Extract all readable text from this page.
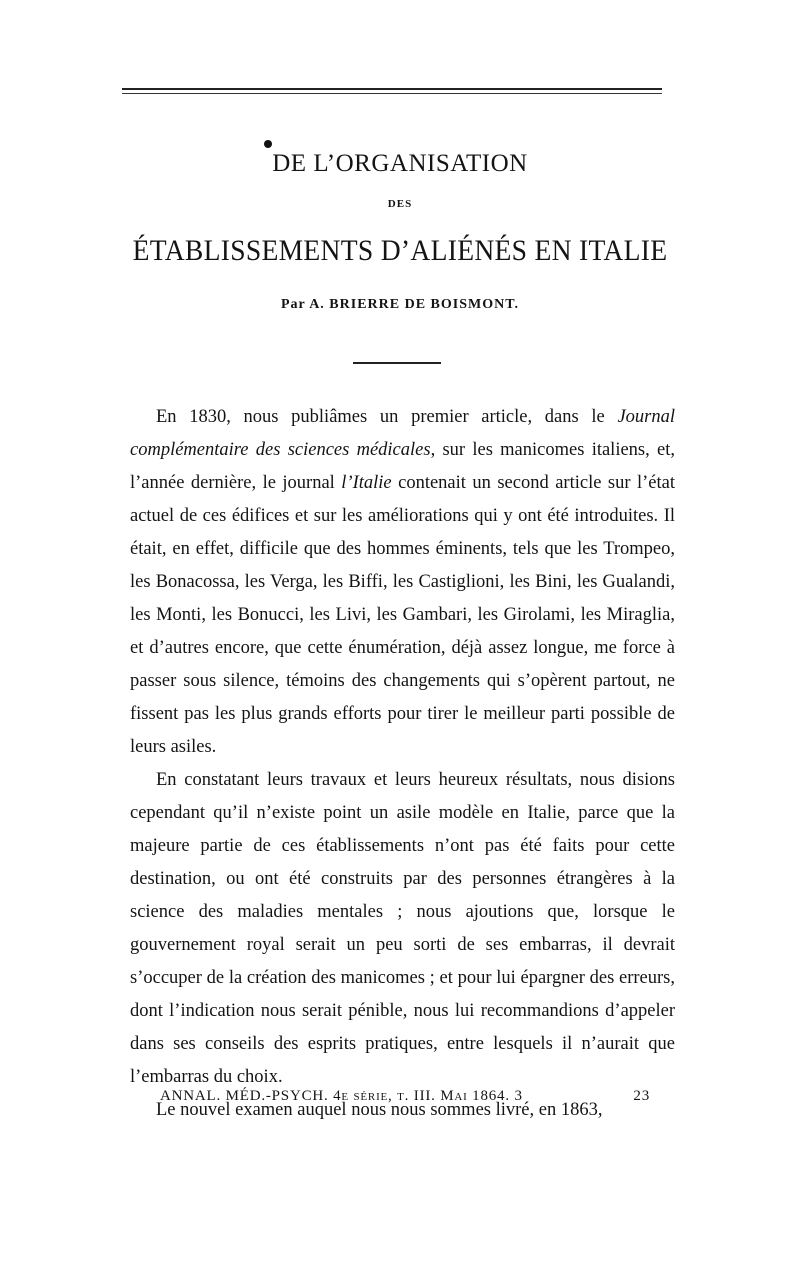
DE L’ORGANISATION
DES
ÉTABLISSEMENTS D’ALIÉNÉS EN ITALIE
Par A. BRIERRE DE BOISMONT.

En 1830, nous publiâmes un premier article, dans le Journal complémentaire des sciences médicales, sur les manicomes italiens, et, l’année dernière, le journal l’Italie contenait un second article sur l’état actuel de ces édifices et sur les améliorations qui y ont été introduites. Il était, en effet, difficile que des hommes éminents, tels que les Trompeo, les Bonacossa, les Verga, les Biffi, les Castiglioni, les Bini, les Gualandi, les Monti, les Bonucci, les Livi, les Gambari, les Girolami, les Miraglia, et d’autres encore, que cette énumération, déjà assez longue, me force à passer sous silence, témoins des changements qui s’opèrent partout, ne fissent pas les plus grands efforts pour tirer le meilleur parti possible de leurs asiles.

En constatant leurs travaux et leurs heureux résultats, nous disions cependant qu’il n’existe point un asile modèle en Italie, parce que la majeure partie de ces établissements n’ont pas été faits pour cette destination, ou ont été construits par des personnes étrangères à la science des maladies mentales ; nous ajoutions que, lorsque le gouvernement royal serait un peu sorti de ses embarras, il devrait s’occuper de la création des manicomes ; et pour lui épargner des erreurs, dont l’indication nous serait pénible, nous lui recommandions d’appeler dans ses conseils des esprits pratiques, entre lesquels il n’aurait que l’embarras du choix.

Le nouvel examen auquel nous nous sommes livré, en 1863,

ANNAL. MÉD.-PSYCH. 4e série, t. III. Mai 1864. 3	23
